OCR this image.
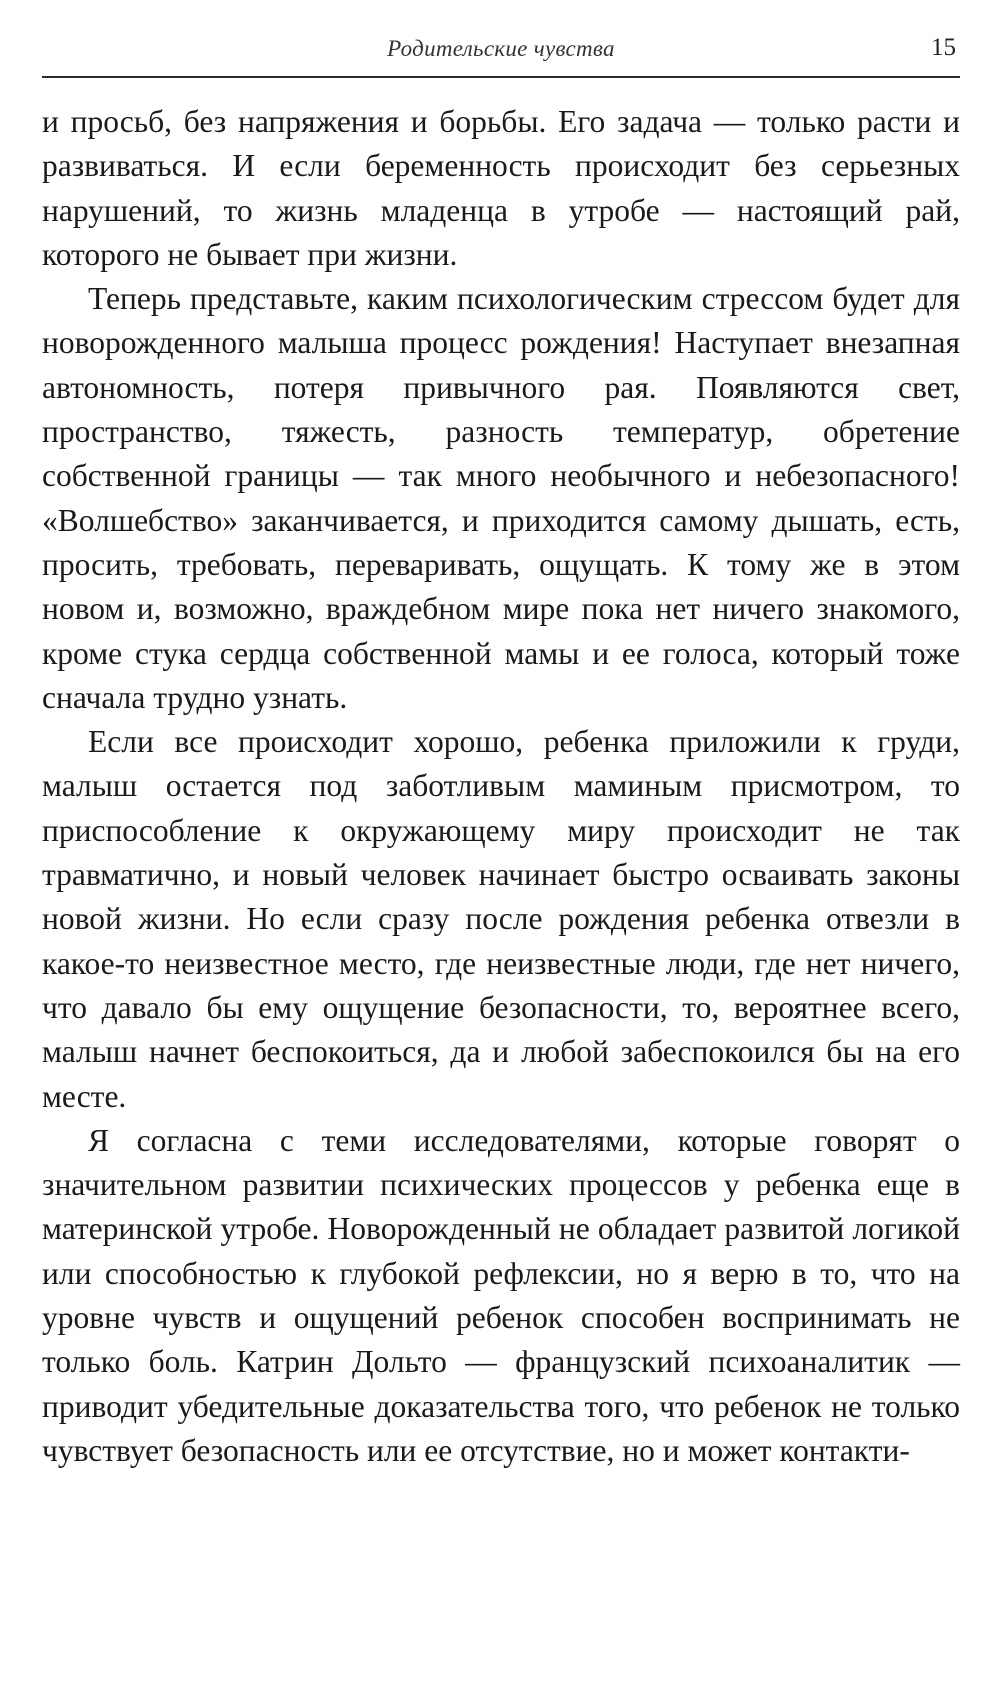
Родительские чувства	15

и просьб, без напряжения и борьбы. Его задача — только расти и развиваться. И если беременность происходит без серьезных нарушений, то жизнь младенца в утробе — настоящий рай, которого не бывает при жизни.

Теперь представьте, каким психологическим стрессом будет для новорожденного малыша процесс рождения! Наступает внезапная автономность, потеря привычного рая. Появляются свет, пространство, тяжесть, разность температур, обретение собственной границы — так много необычного и небезопасного! «Волшебство» заканчивается, и приходится самому дышать, есть, просить, требовать, переваривать, ощущать. К тому же в этом новом и, возможно, враждебном мире пока нет ничего знакомого, кроме стука сердца собственной мамы и ее голоса, который тоже сначала трудно узнать.

Если все происходит хорошо, ребенка приложили к груди, малыш остается под заботливым маминым присмотром, то приспособление к окружающему миру происходит не так травматично, и новый человек начинает быстро осваивать законы новой жизни. Но если сразу после рождения ребенка отвезли в какое-то неизвестное место, где неизвестные люди, где нет ничего, что давало бы ему ощущение безопасности, то, вероятнее всего, малыш начнет беспокоиться, да и любой забеспокоился бы на его месте.

Я согласна с теми исследователями, которые говорят о значительном развитии психических процессов у ребенка еще в материнской утробе. Новорожденный не обладает развитой логикой или способностью к глубокой рефлексии, но я верю в то, что на уровне чувств и ощущений ребенок способен воспринимать не только боль. Катрин Дольто — французский психоаналитик — приводит убедительные доказательства того, что ребенок не только чувствует безопасность или ее отсутствие, но и может контакти-
